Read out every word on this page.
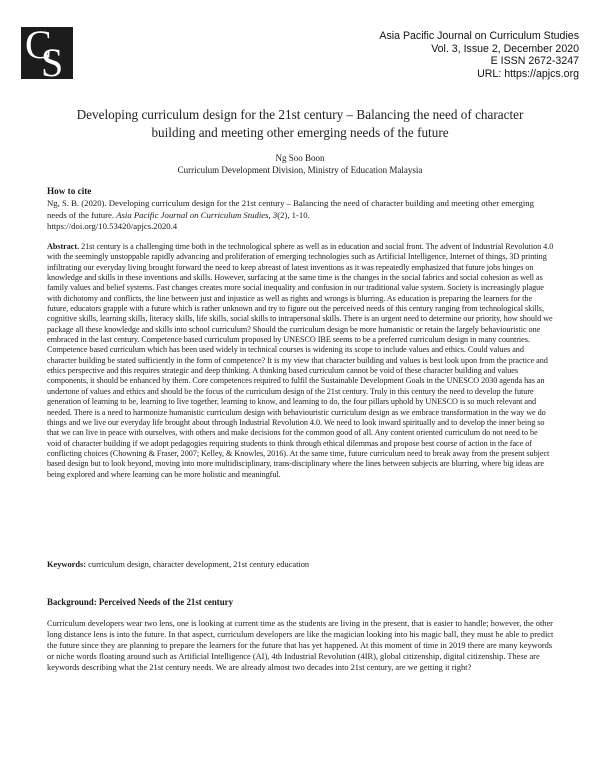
C
S
Asia Pacific Journal on Curriculum Studies
Vol. 3, Issue 2, December 2020
E ISSN 2672-3247
URL: https://apjcs.org
Developing curriculum design for the 21st century – Balancing the need of character building and meeting other emerging needs of the future
Ng Soo Boon
Curriculum Development Division, Ministry of Education Malaysia
How to cite
Ng, S. B. (2020). Developing curriculum design for the 21st century – Balancing the need of character building and meeting other emerging needs of the future. Asia Pacific Journal on Curriculum Studies, 3(2), 1-10.
https://doi.org/10.53420/apjcs.2020.4
Abstract. 21st century is a challenging time both in the technological sphere as well as in education and social front. The advent of Industrial Revolution 4.0 with the seemingly unstoppable rapidly advancing and proliferation of emerging technologies such as Artificial Intelligence, Internet of things, 3D printing infiltrating our everyday living brought forward the need to keep abreast of latest inventions as it was repeatedly emphasized that future jobs hinges on knowledge and skills in these inventions and skills. However, surfacing at the same time is the changes in the social fabrics and social cohesion as well as family values and belief systems. Fast changes creates more social inequality and confusion in our traditional value system. Society is increasingly plague with dichotomy and conflicts, the line between just and injustice as well as rights and wrongs is blurring. As education is preparing the learners for the future, educators grapple with a future which is rather unknown and try to figure out the perceived needs of this century ranging from technological skills, cognitive skills, learning skills, literacy skills, life skills, social skills to intrapersonal skills. There is an urgent need to determine our priority, how should we package all these knowledge and skills into school curriculum? Should the curriculum design be more humanistic or retain the largely behaviouristic one embraced in the last century. Competence based curriculum proposed by UNESCO IBE seems to be a preferred curriculum design in many countries. Competence based curriculum which has been used widely in technical courses is widening its scope to include values and ethics. Could values and character building be stated sufficiently in the form of competence? It is my view that character building and values is best look upon from the practice and ethics perspective and this requires strategic and deep thinking. A thinking based curriculum cannot be void of these character building and values components, it should be enhanced by them. Core competences required to fulfil the Sustainable Development Goals in the UNESCO 2030 agenda has an undertone of values and ethics and should be the focus of the curriculum design of the 21st century. Truly in this century the need to develop the future generation of learning to be, learning to live together, learning to know, and learning to do, the four pillars uphold by UNESCO is so much relevant and needed. There is a need to harmonize humanistic curriculum design with behaviouristic curriculum design as we embrace transformation in the way we do things and we live our everyday life brought about through Industrial Revolution 4.0. We need to look inward spiritually and to develop the inner being so that we can live in peace with ourselves, with others and make decisions for the common good of all. Any content oriented curriculum do not need to be void of character building if we adopt pedagogies requiring students to think through ethical dilemmas and propose best course of action in the face of conflicting choices (Chowning & Fraser, 2007; Kelley, & Knowles, 2016). At the same time, future curriculum need to break away from the present subject based design but to look beyond, moving into more multidisciplinary, trans-disciplinary where the lines between subjects are blurring, where big ideas are being explored and where learning can be more holistic and meaningful.
Keywords: curriculum design, character development, 21st century education
Background: Perceived Needs of the 21st century
Curriculum developers wear two lens, one is looking at current time as the students are living in the present, that is easier to handle; however, the other long distance lens is into the future. In that aspect, curriculum developers are like the magician looking into his magic ball, they must be able to predict the future since they are planning to prepare the learners for the future that has yet happened. At this moment of time in 2019 there are many keywords or niche words floating around such as Artificial Intelligence (AI), 4th Industrial Revolution (4IR), global citizenship, digital citizenship. These are keywords describing what the 21st century needs. We are already almost two decades into 21st century, are we getting it right?
